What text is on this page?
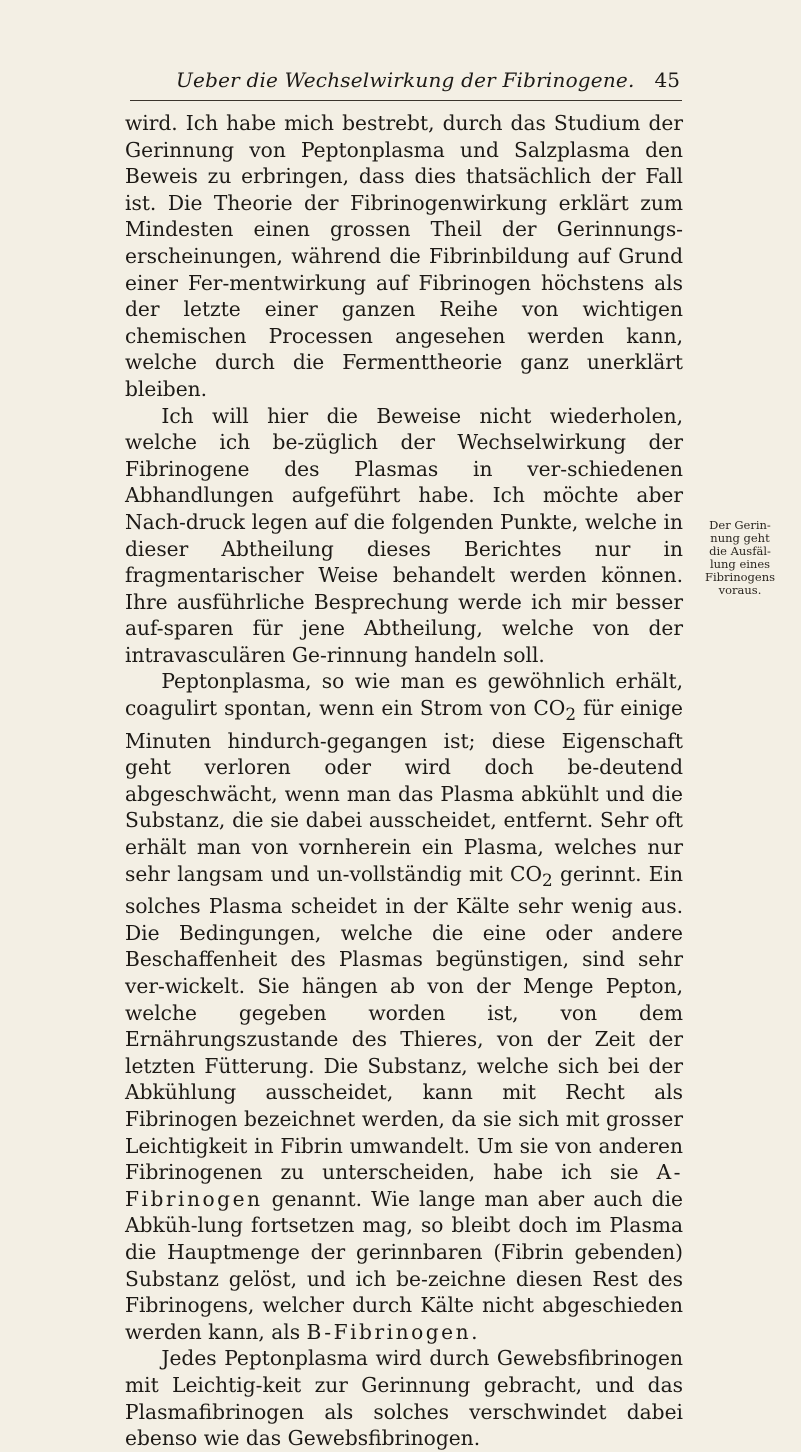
Ueber die Wechselwirkung der Fibrinogene. 45

wird. Ich habe mich bestrebt, durch das Studium der Gerinnung von Peptonplasma und Salzplasma den Beweis zu erbringen, dass dies thatsächlich der Fall ist. Die Theorie der Fibrinogenwirkung erklärt zum Mindesten einen grossen Theil der Gerinnungs-erscheinungen, während die Fibrinbildung auf Grund einer Fer-mentwirkung auf Fibrinogen höchstens als der letzte einer ganzen Reihe von wichtigen chemischen Processen angesehen werden kann, welche durch die Fermenttheorie ganz unerklärt bleiben.

Ich will hier die Beweise nicht wiederholen, welche ich be-züglich der Wechselwirkung der Fibrinogene des Plasmas in ver-schiedenen Abhandlungen aufgeführt habe. Ich möchte aber Nach-druck legen auf die folgenden Punkte, welche in dieser Abtheilung dieses Berichtes nur in fragmentarischer Weise behandelt werden können. Ihre ausführliche Besprechung werde ich mir besser auf-sparen für jene Abtheilung, welche von der intravasculären Ge-rinnung handeln soll.

Peptonplasma, so wie man es gewöhnlich erhält, coagulirt spontan, wenn ein Strom von $CO_2$ für einige Minuten hindurch-gegangen ist; diese Eigenschaft geht verloren oder wird doch be-deutend abgeschwächt, wenn man das Plasma abkühlt und die Substanz, die sie dabei ausscheidet, entfernt. Sehr oft erhält man von vornherein ein Plasma, welches nur sehr langsam und un-vollständig mit $CO_2$ gerinnt. Ein solches Plasma scheidet in der Kälte sehr wenig aus. Die Bedingungen, welche die eine oder andere Beschaffenheit des Plasmas begünstigen, sind sehr ver-wickelt. Sie hängen ab von der Menge Pepton, welche gegeben worden ist, von dem Ernährungszustande des Thieres, von der Zeit der letzten Fütterung. Die Substanz, welche sich bei der Abkühlung ausscheidet, kann mit Recht als Fibrinogen bezeichnet werden, da sie sich mit grosser Leichtigkeit in Fibrin umwandelt. Um sie von anderen Fibrinogenen zu unterscheiden, habe ich sie A-Fibrinogen genannt. Wie lange man aber auch die Abküh-lung fortsetzen mag, so bleibt doch im Plasma die Hauptmenge der gerinnbaren (Fibrin gebenden) Substanz gelöst, und ich be-zeichne diesen Rest des Fibrinogens, welcher durch Kälte nicht abgeschieden werden kann, als B-Fibrinogen.

Jedes Peptonplasma wird durch Gewebsfibrinogen mit Leichtig-keit zur Gerinnung gebracht, und das Plasmafibrinogen als solches verschwindet dabei ebenso wie das Gewebsfibrinogen.

Der Gerin-
nung geht
die Ausfäl-
lung eines
Fibrinogens
voraus.
